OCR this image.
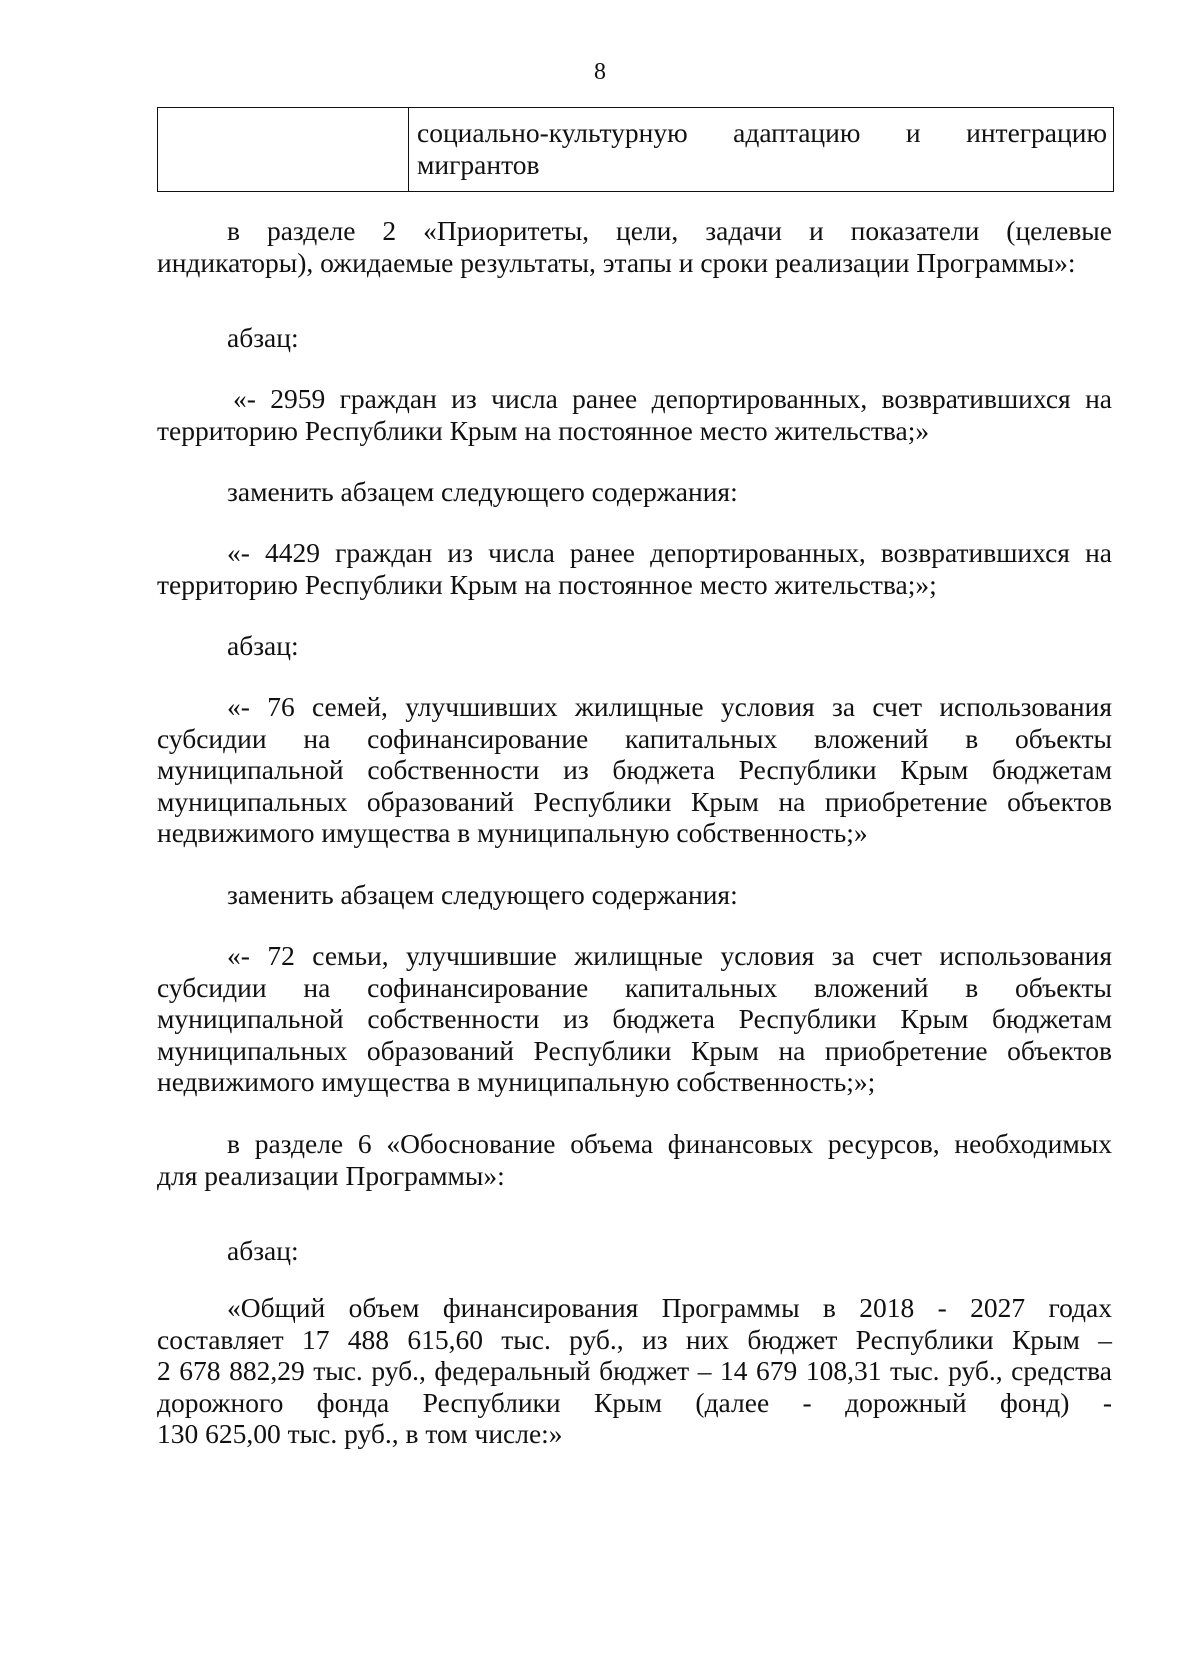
8

социально-культурную адаптацию и интеграцию
мигрантов
в разделе 2 «Приоритеты, цели, задачи и показатели (целевые
индикаторы), ожидаемые результаты, этапы и сроки реализации Программы»:

абзац:

«- 2959 граждан из числа ранее депортированных, возвратившихся на
территорию Республики Крым на постоянное место жительства;»

заменить абзацем следующего содержания:

«- 4429 граждан из числа ранее депортированных, возвратившихся на
территорию Республики Крым на постоянное место жительства;»;

абзац:

«- 76 семей, улучшивших жилищные условия за счет использования
субсидии на софинансирование капитальных вложений в объекты
муниципальной собственности из бюджета Республики Крым бюджетам
муниципальных образований Республики Крым на приобретение объектов
недвижимого имущества в муниципальную собственность;»

заменить абзацем следующего содержания:

«- 72 семьи, улучшившие жилищные условия за счет использования
субсидии на софинансирование капитальных вложений в объекты
муниципальной собственности из бюджета Республики Крым бюджетам
муниципальных образований Республики Крым на приобретение объектов
недвижимого имущества в муниципальную собственность;»;
в разделе 6 «Обоснование объема финансовых ресурсов, необходимых
для реализации Программы»:

абзац:

«Общий объем финансирования Программы в 2018 - 2027 годах
составляет 17 488 615,60 тыс. руб., из них бюджет Республики Крым –
2 678 882,29 тыс. руб., федеральный бюджет – 14 679 108,31 тыс. руб., средства
дорожного фонда Республики Крым (далее - дорожный фонд) -
130 625,00 тыс. руб., в том числе:»
